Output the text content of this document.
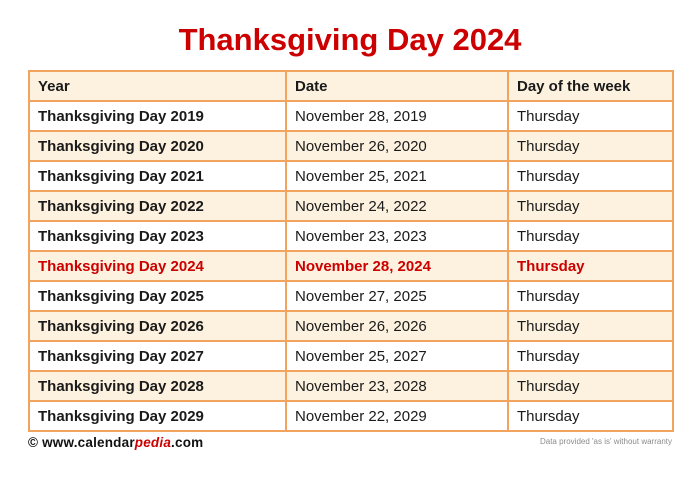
Thanksgiving Day 2024
Year	Date	Day of the week
Thanksgiving Day 2019	November 28, 2019	Thursday
Thanksgiving Day 2020	November 26, 2020	Thursday
Thanksgiving Day 2021	November 25, 2021	Thursday
Thanksgiving Day 2022	November 24, 2022	Thursday
Thanksgiving Day 2023	November 23, 2023	Thursday
Thanksgiving Day 2024	November 28, 2024	Thursday
Thanksgiving Day 2025	November 27, 2025	Thursday
Thanksgiving Day 2026	November 26, 2026	Thursday
Thanksgiving Day 2027	November 25, 2027	Thursday
Thanksgiving Day 2028	November 23, 2028	Thursday
Thanksgiving Day 2029	November 22, 2029	Thursday
© www.calendarpedia.com	Data provided 'as is' without warranty
